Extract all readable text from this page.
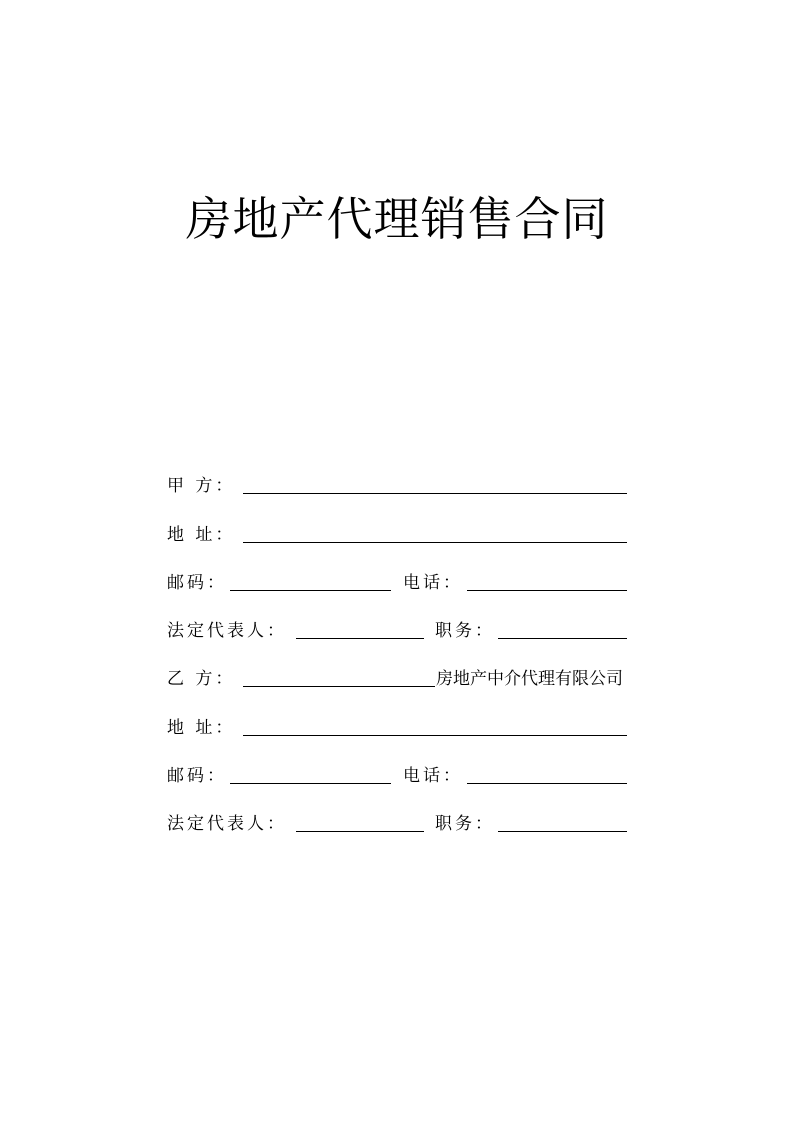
房地产代理销售合同
甲 方：
地 址：
邮码：	电话：
法定代表人：	职务：
乙 方：	房地产中介代理有限公司
地 址：
邮码：	电话：
法定代表人：	职务：
